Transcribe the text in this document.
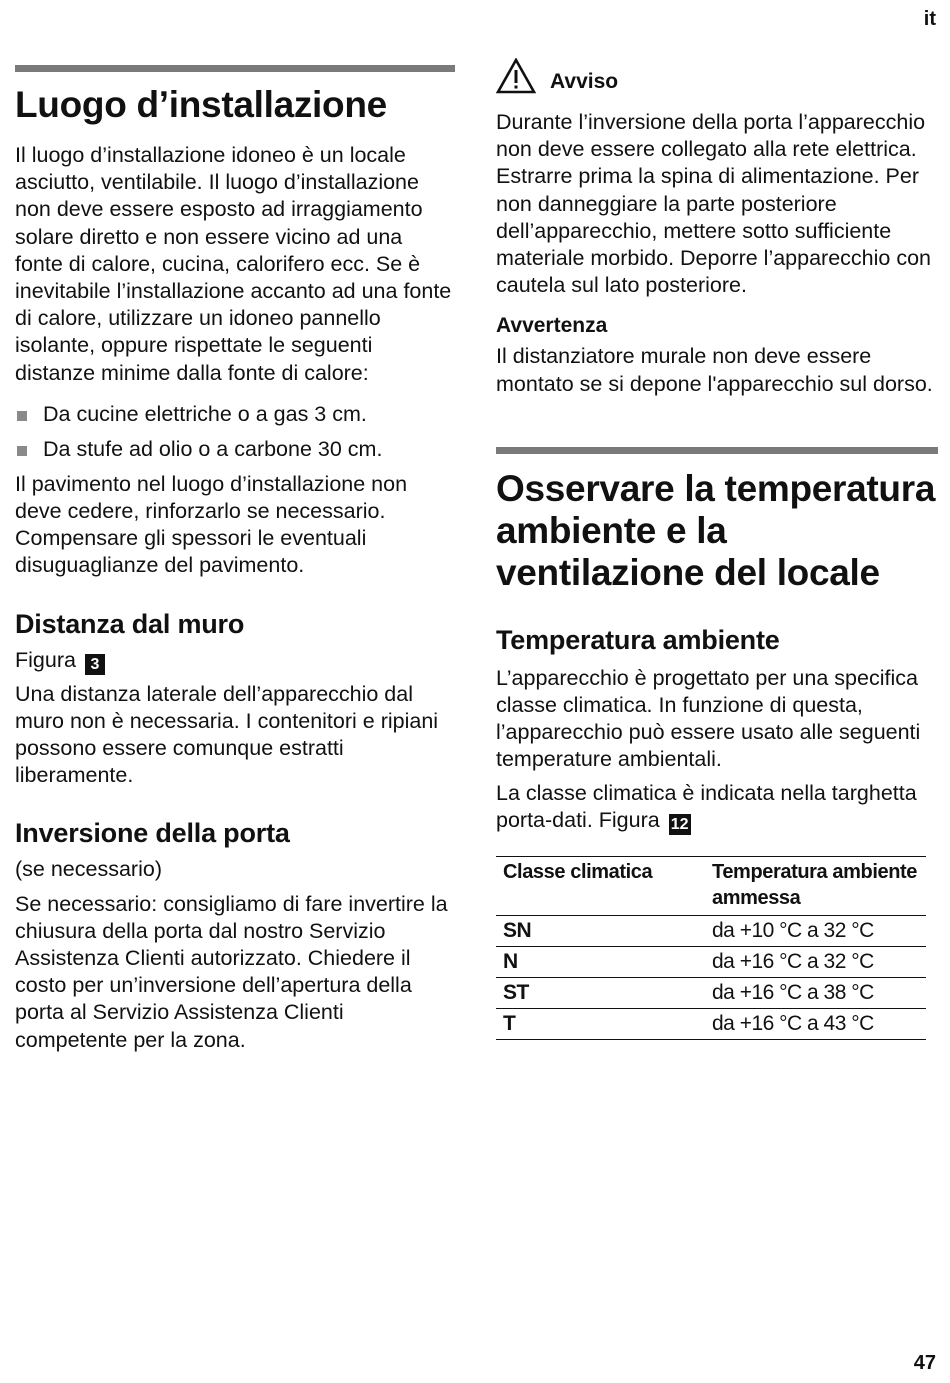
it
Luogo d’installazione

Il luogo d’installazione idoneo è un locale asciutto, ventilabile. Il luogo d’installazione non deve essere esposto ad irraggiamento solare diretto e non essere vicino ad una fonte di calore, cucina, calorifero ecc. Se è inevitabile l’installazione accanto ad una fonte di calore, utilizzare un idoneo pannello isolante, oppure rispettate le seguenti distanze minime dalla fonte di calore:

Da cucine elettriche o a gas 3 cm.
Da stufe ad olio o a carbone 30 cm.

Il pavimento nel luogo d’installazione non deve cedere, rinforzarlo se necessario. Compensare gli spessori le eventuali disuguaglianze del pavimento.

Distanza dal muro

Figura 3

Una distanza laterale dell’apparecchio dal muro non è necessaria. I contenitori e ripiani possono essere comunque estratti liberamente.

Inversione della porta

(se necessario)

Se necessario: consigliamo di fare invertire la chiusura della porta dal nostro Servizio Assistenza Clienti autorizzato. Chiedere il costo per un’inversione dell’apertura della porta al Servizio Assistenza Clienti competente per la zona.

Avviso

Durante l’inversione della porta l’apparecchio non deve essere collegato alla rete elettrica. Estrarre prima la spina di alimentazione. Per non danneggiare la parte posteriore dell’apparecchio, mettere sotto sufficiente materiale morbido. Deporre l’apparecchio con cautela sul lato posteriore.

Avvertenza

Il distanziatore murale non deve essere montato se si depone l'apparecchio sul dorso.

Osservare la temperatura ambiente e la ventilazione del locale
Temperatura ambiente

L’apparecchio è progettato per una specifica classe climatica. In funzione di questa, l’apparecchio può essere usato alle seguenti temperature ambientali.

La classe climatica è indicata nella targhetta porta-dati. Figura 12

Classe climatica	Temperatura ambiente ammessa
SN	da +10 °C a 32 °C
N	da +16 °C a 32 °C
ST	da +16 °C a 38 °C
T	da +16 °C a 43 °C
47
